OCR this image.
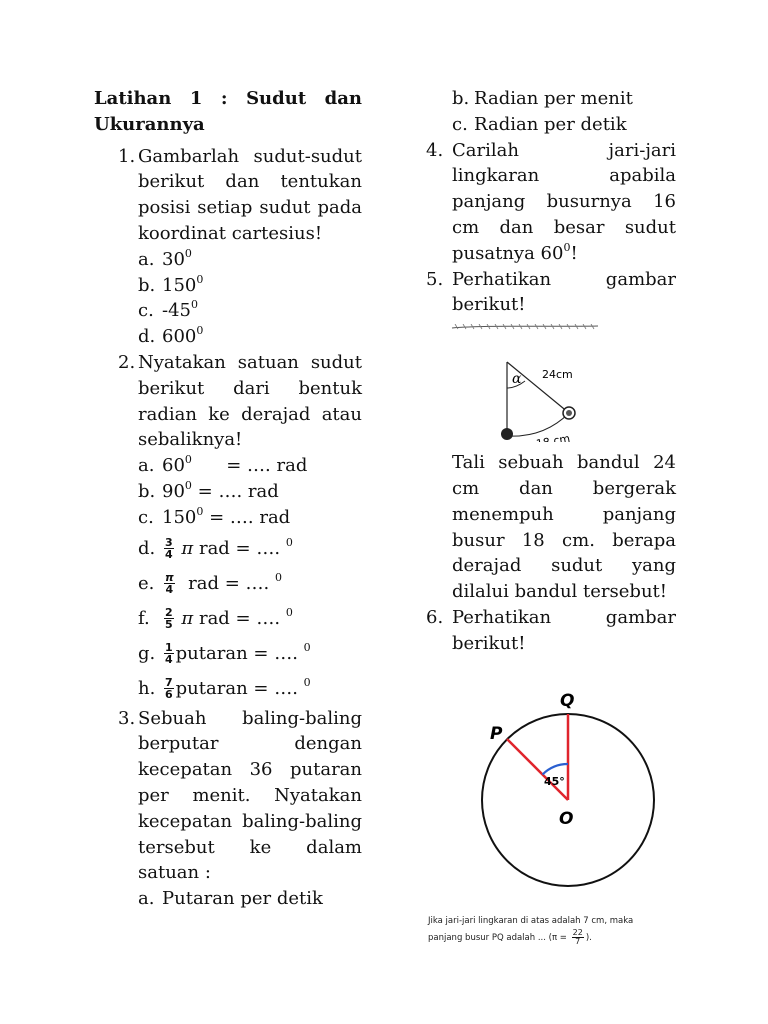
Latihan 1 : Sudut dan Ukurannya
1. Gambarlah sudut-sudut berikut dan tentukan posisi setiap sudut pada koordinat cartesius!
a. $30^0$
b. $150^0$
c. $-45^0$
d. $600^0$
2. Nyatakan satuan sudut berikut dari bentuk radian ke derajad atau sebaliknya!
a. $60^0$ = …. rad
b. $90^0$ = …. rad
c. $150^0$ = …. rad
d. $\frac{3}{4}$ π rad = …. $^0$
e. $\frac{\pi}{4}$ rad = …. $^0$
f. $\frac{2}{5}$ π rad = …. $^0$
g. $\frac{1}{4}$ putaran = …. $^0$
h. $\frac{7}{6}$ putaran = …. $^0$
3. Sebuah baling-baling berputar dengan kecepatan 36 putaran per menit. Nyatakan kecepatan baling-baling tersebut ke dalam satuan :
a. Putaran per detik
b. Radian per menit
c. Radian per detik
4. Carilah jari-jari lingkaran apabila panjang busurnya 16 cm dan besar sudut pusatnya $60^0$!
5. Perhatikan gambar berikut!
α 24cm
18 cm
Tali sebuah bandul 24 cm dan bergerak menempuh panjang busur 18 cm. berapa derajad sudut yang dilalui bandul tersebut!
6. Perhatikan gambar berikut!
Q
P
O
45°
Jika jari-jari lingkaran di atas adalah 7 cm, maka
panjang busur PQ adalah ... ($\pi = \frac{22}{7}$ ).
